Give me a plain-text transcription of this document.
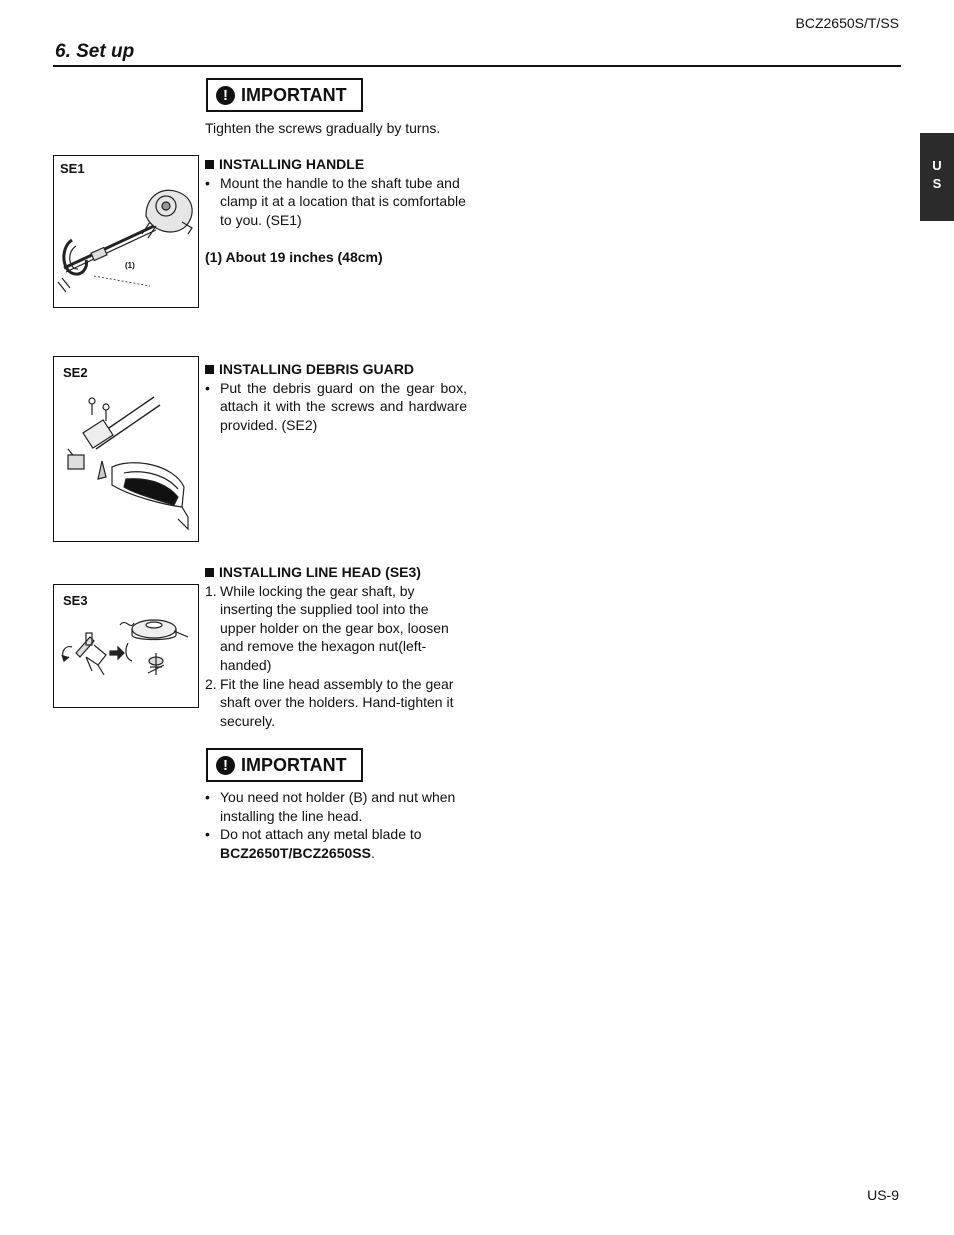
BCZ2650S/T/SS
6. Set up
U
S
! IMPORTANT
Tighten the screws gradually by turns.
SE1
(1)
INSTALLING HANDLE
• Mount the handle to the shaft tube and clamp it at a location that is comfortable to you. (SE1)
(1) About 19 inches (48cm)
SE2	INSTALLING DEBRIS GUARD
• Put the debris guard on the gear box, attach it with the screws and hardware provided. (SE2)
SE3
INSTALLING LINE HEAD (SE3)
1. While locking the gear shaft, by inserting the supplied tool into the upper holder on the gear box, loosen and remove the hexagon nut(left-handed)
2. Fit the line head assembly to the gear shaft over the holders. Hand-tighten it securely.
! IMPORTANT
• You need not holder (B) and nut when installing the line head.
• Do not attach any metal blade to
BCZ2650T/BCZ2650SS.
US-9
